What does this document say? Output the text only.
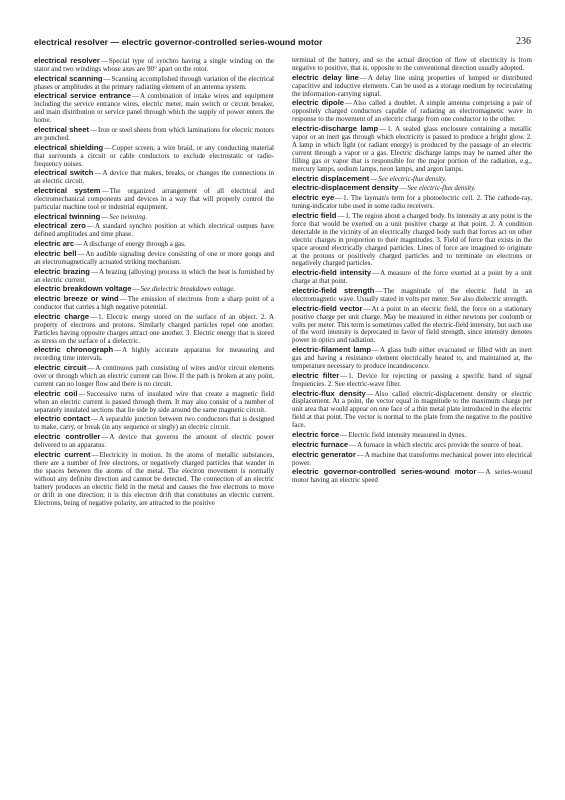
electrical resolver — electric governor-controlled series-wound motor	236

electrical resolver—Special type of synchro having a single winding on the stator and two windings whose axes are 90° apart on the rotor.

electrical scanning—Scanning accomplished through variation of the electrical phases or amplitudes at the primary radiating element of an antenna system.

electrical service entrance—A combination of intake wires and equipment including the service entrance wires, electric meter, main switch or circuit breaker, and main distribution or service panel through which the supply of power enters the home.

electrical sheet—Iron or steel sheets from which laminations for electric motors are punched.

electrical shielding—Copper screen, a wire braid, or any conducting material that surrounds a circuit or cable conductors to exclude electrostatic or radio-frequency noises.

electrical switch—A device that makes, breaks, or changes the connections in an electric circuit.

electrical system—The organized arrangement of all electrical and electromechanical components and devices in a way that will properly control the particular machine tool or industrial equipment.

electrical twinning—See twinning.

electrical zero—A standard synchro position at which electrical outputs have defined amplitudes and time phase.

electric arc—A discharge of energy through a gas.

electric bell—An audible signaling device consisting of one or more gongs and an electromagnetically actuated striking mechanism.

electric brazing—A brazing (alloying) process in which the heat is furnished by an electric current.

electric breakdown voltage—See dielectric breakdown voltage.

electric breeze or wind—The emission of electrons from a sharp point of a conductor that carries a high negative potential.

electric charge—1. Electric energy stored on the surface of an object. 2. A property of electrons and protons. Similarly charged particles repel one another. Particles having opposite charges attract one another. 3. Electric energy that is stored as stress on the surface of a dielectric.

electric chronograph—A highly accurate apparatus for measuring and recording time intervals.

electric circuit—A continuous path consisting of wires and/or circuit elements over or through which an electric current can flow. If the path is broken at any point, current can no longer flow and there is no circuit.

electric coil—Successive turns of insulated wire that create a magnetic field when an electric current is passed through them. It may also consist of a number of separately insulated sections that lie side by side around the same magnetic circuit.

electric contact—A separable junction between two conductors that is designed to make, carry, or break (in any sequence or singly) an electric circuit.

electric controller—A device that governs the amount of electric power delivered to an apparatus.

electric current—Electricity in motion. In the atoms of metallic substances, there are a number of free electrons, or negatively charged particles that wander in the spaces between the atoms of the metal. The electron movement is normally without any definite direction and cannot be detected. The connection of an electric battery produces an electric field in the metal and causes the free electrons to move or drift in one direction; it is this electron drift that constitutes an electric current. Electrons, being of negative polarity, are attracted to the positive

terminal of the battery, and so the actual direction of flow of electricity is from negative to positive, that is, opposite to the conventional direction usually adopted.

electric delay line—A delay line using properties of lumped or distributed capacitive and inductive elements. Can be used as a storage medium by recirculating the information-carrying signal.

electric dipole—Also called a doublet. A simple antenna comprising a pair of oppositely charged conductors capable of radiating an electromagnetic wave in response to the movement of an electric charge from one conductor to the other.

electric-discharge lamp—1. A sealed glass enclosure containing a metallic vapor or an inert gas through which electricity is passed to produce a bright glow. 2. A lamp in which light (or radiant energy) is produced by the passage of an electric current through a vapor or a gas. Electric discharge lamps may be named after the filling gas or vapor that is responsible for the major portion of the radiation, e.g., mercury lamps, sodium lamps, neon lamps, and argon lamps.

electric displacement—See electric-flux density.

electric-displacement density—See electric-flux density.

electric eye—1. The layman's term for a photoelectric cell. 2. The cathode-ray, tuning-indicator tube used in some radio receivers.

electric field—1. The region about a charged body. Its intensity at any point is the force that would be exerted on a unit positive charge at that point. 2. A condition detectable in the vicinity of an electrically charged body such that forces act on other electric charges in proportion to their magnitudes. 3. Field of force that exists in the space around electrically charged particles. Lines of force are imagined to originate at the protons or positively charged particles and to terminate on electrons or negatively charged particles.

electric-field intensity—A measure of the force exerted at a point by a unit charge at that point.

electric-field strength—The magnitude of the electric field in an electromagnetic wave. Usually stated in volts per meter. See also dielectric strength.

electric-field vector—At a point in an electric field, the force on a stationary positive charge per unit charge. May be measured in either newtons per coulomb or volts per meter. This term is sometimes called the electric-field intensity, but such use of the word intensity is deprecated in favor of field strength, since intensity denotes power in optics and radiation.

electric-filament lamp—A glass bulb either evacuated or filled with an inert gas and having a resistance element electrically heated to, and maintained at, the temperature necessary to produce incandescence.

electric filter—1. Device for rejecting or passing a specific band of signal frequencies. 2. See electric-wave filter.

electric-flux density—Also called electric-displacement density or electric displacement. At a point, the vector equal in magnitude to the maximum charge per unit area that would appear on one face of a thin metal plate introduced in the electric field at that point. The vector is normal to the plate from the negative to the positive face.

electric force—Electric field intensity measured in dynes.

electric furnace—A furnace in which electric arcs provide the source of heat.

electric generator—A machine that transforms mechanical power into electrical power.

electric governor-controlled series-wound motor—A series-wound motor having an electric speed
